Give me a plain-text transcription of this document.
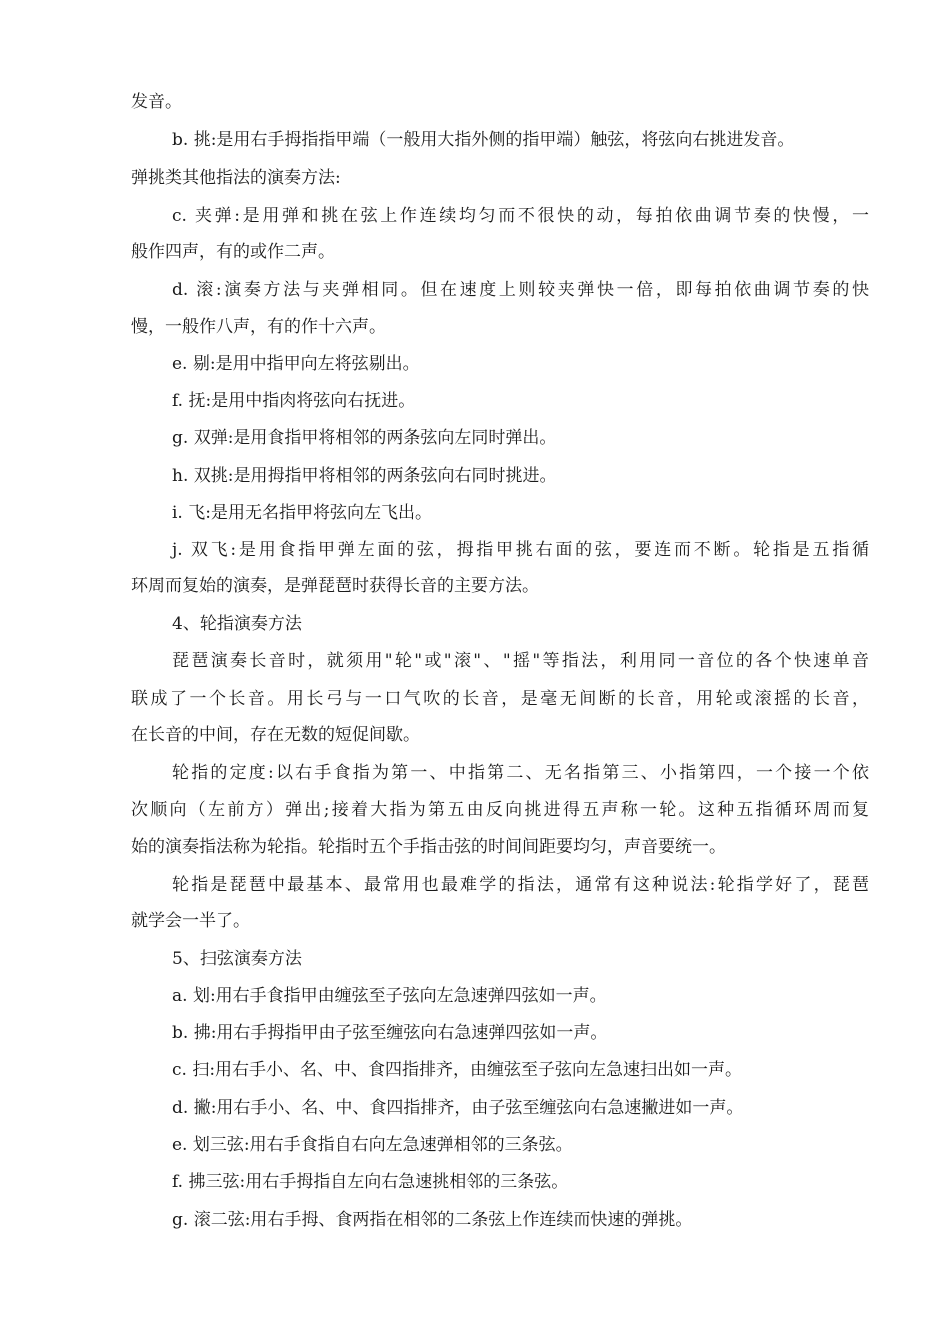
发音。
b. 挑:是用右手拇指指甲端（一般用大指外侧的指甲端）触弦，将弦向右挑进发音。
弹挑类其他指法的演奏方法:
c. 夹弹:是用弹和挑在弦上作连续均匀而不很快的动，每拍依曲调节奏的快慢，一
般作四声，有的或作二声。
d. 滚:演奏方法与夹弹相同。但在速度上则较夹弹快一倍，即每拍依曲调节奏的快
慢，一般作八声，有的作十六声。
e. 剔:是用中指甲向左将弦剔出。
f. 抚:是用中指肉将弦向右抚进。
g. 双弹:是用食指甲将相邻的两条弦向左同时弹出。
h. 双挑:是用拇指甲将相邻的两条弦向右同时挑进。
i. 飞:是用无名指甲将弦向左飞出。
j. 双飞:是用食指甲弹左面的弦，拇指甲挑右面的弦，要连而不断。轮指是五指循
环周而复始的演奏，是弹琵琶时获得长音的主要方法。
4、轮指演奏方法
琵琶演奏长音时，就须用"轮"或"滚"、"摇"等指法，利用同一音位的各个快速单音
联成了一个长音。用长弓与一口气吹的长音，是毫无间断的长音，用轮或滚摇的长音，
在长音的中间，存在无数的短促间歇。
轮指的定度:以右手食指为第一、中指第二、无名指第三、小指第四，一个接一个依
次顺向（左前方）弹出;接着大指为第五由反向挑进得五声称一轮。这种五指循环周而复
始的演奏指法称为轮指。轮指时五个手指击弦的时间间距要均匀，声音要统一。
轮指是琵琶中最基本、最常用也最难学的指法，通常有这种说法:轮指学好了，琵琶
就学会一半了。
5、扫弦演奏方法
a. 划:用右手食指甲由缠弦至子弦向左急速弹四弦如一声。
b. 拂:用右手拇指甲由子弦至缠弦向右急速弹四弦如一声。
c. 扫:用右手小、名、中、食四指排齐，由缠弦至子弦向左急速扫出如一声。
d. 撇:用右手小、名、中、食四指排齐，由子弦至缠弦向右急速撇进如一声。
e. 划三弦:用右手食指自右向左急速弹相邻的三条弦。
f. 拂三弦:用右手拇指自左向右急速挑相邻的三条弦。
g. 滚二弦:用右手拇、食两指在相邻的二条弦上作连续而快速的弹挑。
